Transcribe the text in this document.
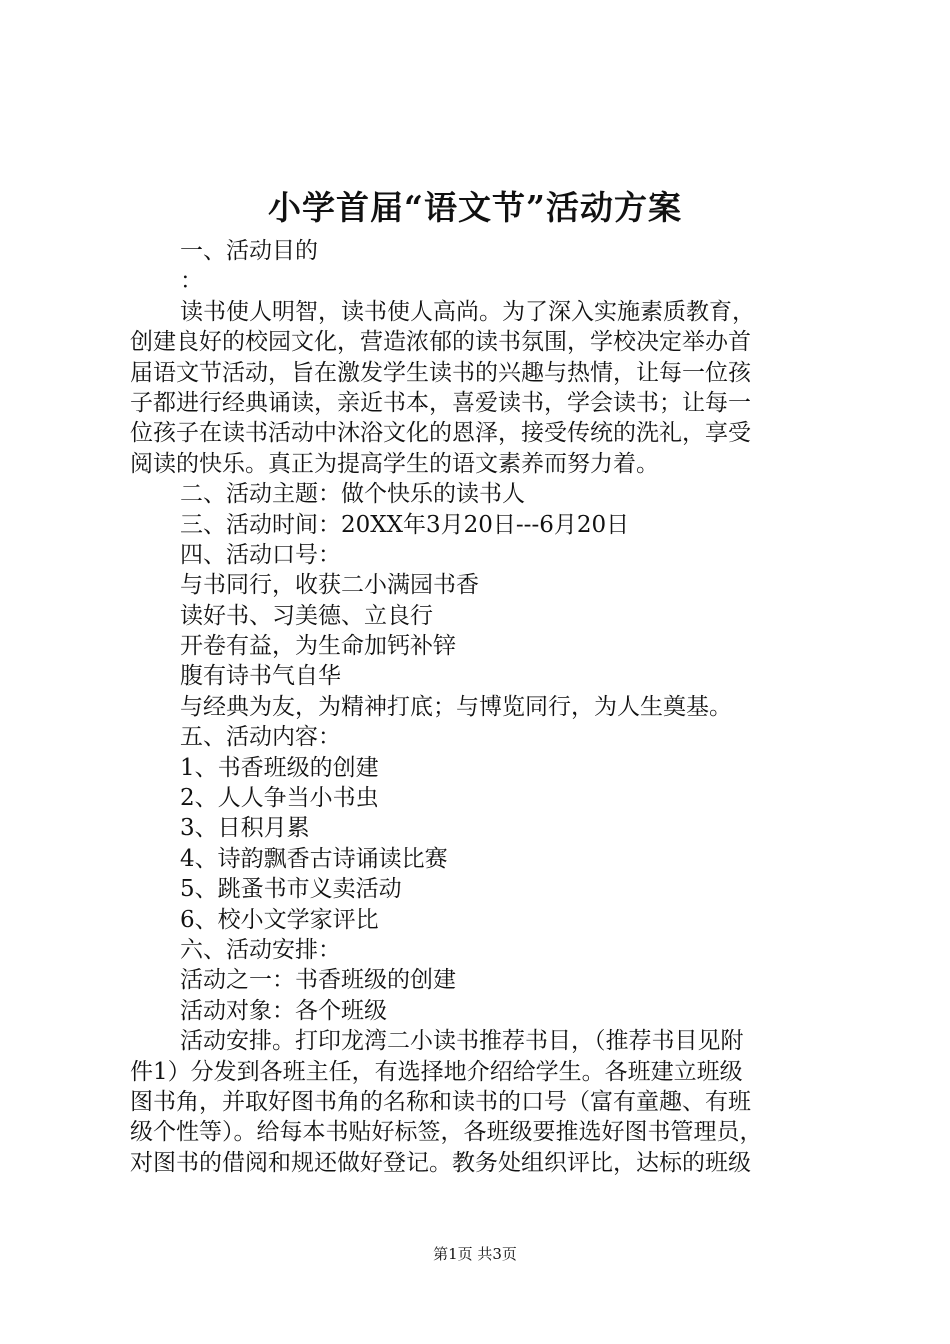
小学首届“语文节”活动方案
一、活动目的
：
读书使人明智，读书使人高尚。为了深入实施素质教育，
创建良好的校园文化，营造浓郁的读书氛围，学校决定举办首
届语文节活动，旨在激发学生读书的兴趣与热情，让每一位孩
子都进行经典诵读，亲近书本，喜爱读书，学会读书；让每一
位孩子在读书活动中沐浴文化的恩泽，接受传统的洗礼，享受
阅读的快乐。真正为提高学生的语文素养而努力着。
二、活动主题：做个快乐的读书人
三、活动时间：20XX年3月20日---6月20日
四、活动口号：
与书同行，收获二小满园书香
读好书、习美德、立良行
开卷有益，为生命加钙补锌
腹有诗书气自华
与经典为友，为精神打底；与博览同行，为人生奠基。
五、活动内容：
1、书香班级的创建
2、人人争当小书虫
3、日积月累
4、诗韵飘香古诗诵读比赛
5、跳蚤书市义卖活动
6、校小文学家评比
六、活动安排：
活动之一：书香班级的创建
活动对象：各个班级
活动安排。打印龙湾二小读书推荐书目，（推荐书目见附
件1）分发到各班主任，有选择地介绍给学生。各班建立班级
图书角，并取好图书角的名称和读书的口号（富有童趣、有班
级个性等）。给每本书贴好标签，各班级要推选好图书管理员，
对图书的借阅和规还做好登记。教务处组织评比，达标的班级
第1页 共3页
